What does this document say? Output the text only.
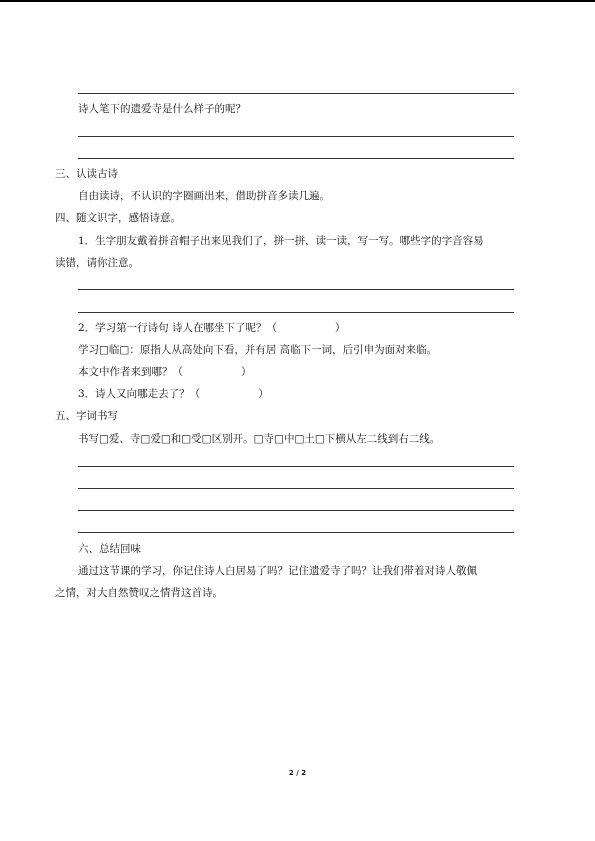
诗人笔下的遗爱寺是什么样子的呢？
三、认读古诗
自由读诗，不认识的字圈画出来，借助拼音多读几遍。
四、随文识字，感悟诗意。
1．生字朋友戴着拼音帽子出来见我们了，拼一拼，读一读，写一写。哪些字的字音容易
读错，请你注意。
2．学习第一行诗句 诗人在哪坐下了呢？（	）
学习□临□：原指人从高处向下看，并有居 高临下一词，后引申为面对来临。
本文中作者来到哪？（	）
3．诗人又向哪走去了？（	）
五、字词书写
书写□爱、寺□爱□和□受□区别开。□寺□中□土□下横从左二线到右二线。
六、总结回味
通过这节课的学习，你记住诗人白居易了吗？记住遗爱寺了吗？让我们带着对诗人敬佩
之情，对大自然赞叹之情背这首诗。
2 / 2
